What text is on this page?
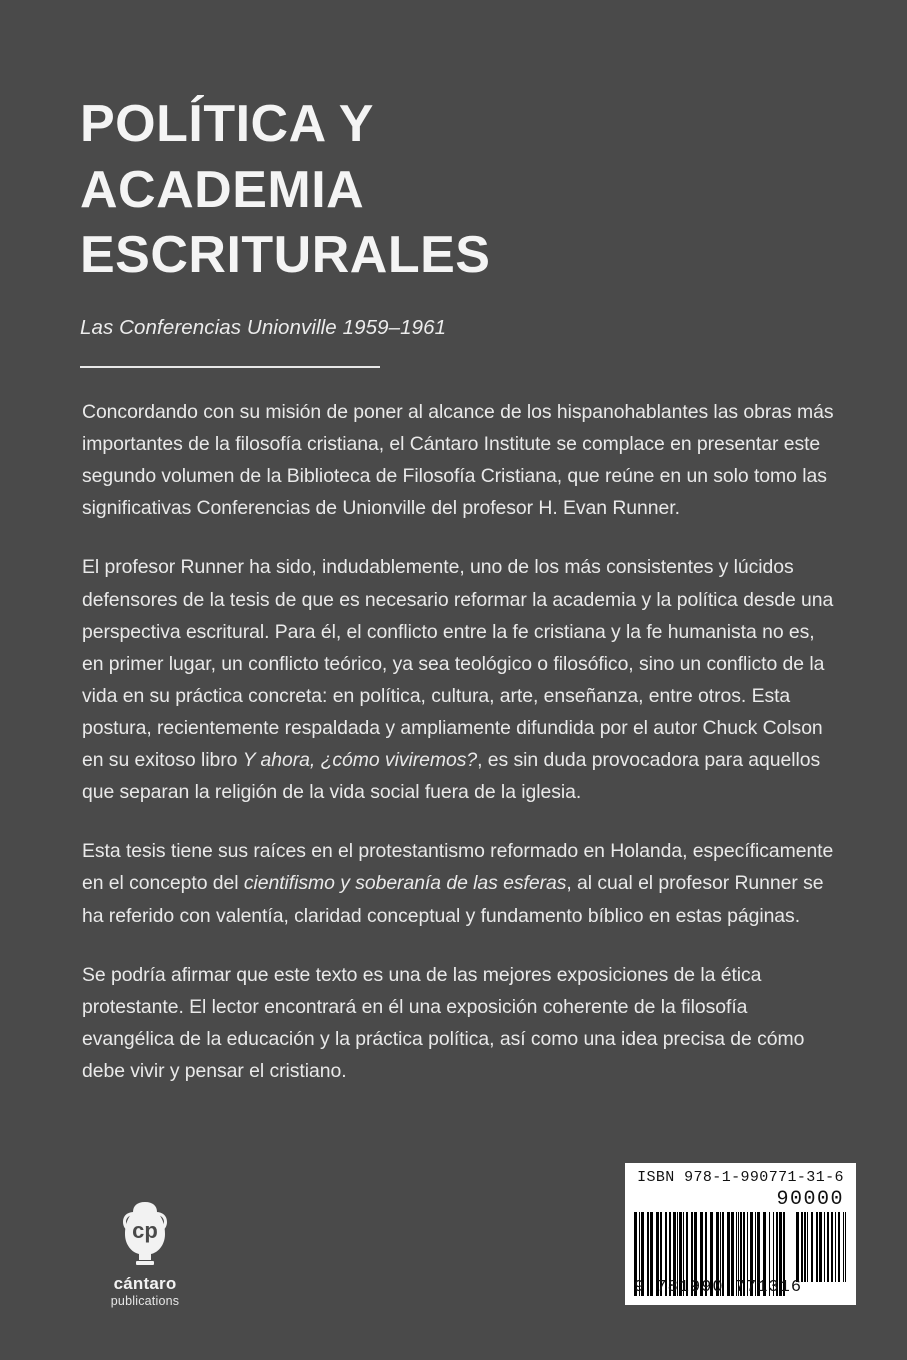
POLÍTICA Y
ACADEMIA
ESCRITURALES

Las Conferencias Unionville 1959–1961

Concordando con su misión de poner al alcance de los hispanohablantes las obras más importantes de la filosofía cristiana, el Cántaro Institute se complace en presentar este segundo volumen de la Biblioteca de Filosofía Cristiana, que reúne en un solo tomo las significativas Conferencias de Unionville del profesor H. Evan Runner.

El profesor Runner ha sido, indudablemente, uno de los más consistentes y lúcidos defensores de la tesis de que es necesario reformar la academia y la política desde una perspectiva escritural. Para él, el conflicto entre la fe cristiana y la fe humanista no es, en primer lugar, un conflicto teórico, ya sea teológico o filosófico, sino un conflicto de la vida en su práctica concreta: en política, cultura, arte, enseñanza, entre otros. Esta postura, recientemente respaldada y ampliamente difundida por el autor Chuck Colson en su exitoso libro Y ahora, ¿cómo viviremos?, es sin duda provocadora para aquellos que separan la religión de la vida social fuera de la iglesia.

Esta tesis tiene sus raíces en el protestantismo reformado en Holanda, específicamente en el concepto del cientifismo y soberanía de las esferas, al cual el profesor Runner se ha referido con valentía, claridad conceptual y fundamento bíblico en estas páginas.

Se podría afirmar que este texto es una de las mejores exposiciones de la ética protestante. El lector encontrará en él una exposición coherente de la filosofía evangélica de la educación y la práctica política, así como una idea precisa de cómo debe vivir y pensar el cristiano.

cántaro
publications
ISBN 978-1-990771-31-6
90000
9 781990 771316
